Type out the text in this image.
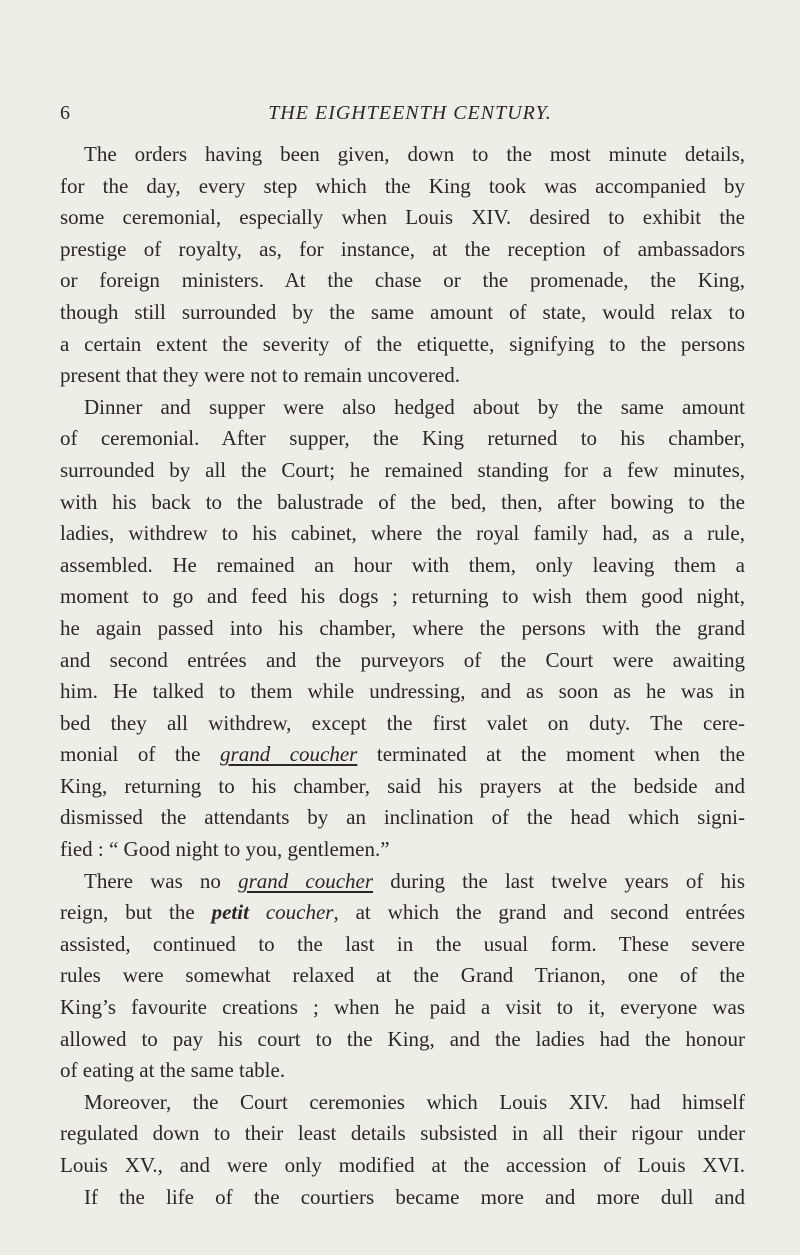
6	THE EIGHTEENTH CENTURY.
The orders having been given, down to the most minute details,
for the day, every step which the King took was accompanied by
some ceremonial, especially when Louis XIV. desired to exhibit the
prestige of royalty, as, for instance, at the reception of ambassadors
or foreign ministers. At the chase or the promenade, the King,
though still surrounded by the same amount of state, would relax to
a certain extent the severity of the etiquette, signifying to the persons
present that they were not to remain uncovered.
Dinner and supper were also hedged about by the same amount
of ceremonial. After supper, the King returned to his chamber,
surrounded by all the Court; he remained standing for a few minutes,
with his back to the balustrade of the bed, then, after bowing to the
ladies, withdrew to his cabinet, where the royal family had, as a rule,
assembled. He remained an hour with them, only leaving them a
moment to go and feed his dogs ; returning to wish them good night,
he again passed into his chamber, where the persons with the grand
and second entrées and the purveyors of the Court were awaiting
him. He talked to them while undressing, and as soon as he was in
bed they all withdrew, except the first valet on duty. The cere-
monial of the grand coucher terminated at the moment when the
King, returning to his chamber, said his prayers at the bedside and
dismissed the attendants by an inclination of the head which signi-
fied : “ Good night to you, gentlemen.”
There was no grand coucher during the last twelve years of his
reign, but the petit coucher, at which the grand and second entrées
assisted, continued to the last in the usual form. These severe
rules were somewhat relaxed at the Grand Trianon, one of the
King’s favourite creations ; when he paid a visit to it, everyone was
allowed to pay his court to the King, and the ladies had the honour
of eating at the same table.
Moreover, the Court ceremonies which Louis XIV. had himself
regulated down to their least details subsisted in all their rigour under
Louis XV., and were only modified at the accession of Louis XVI.
If the life of the courtiers became more and more dull and
